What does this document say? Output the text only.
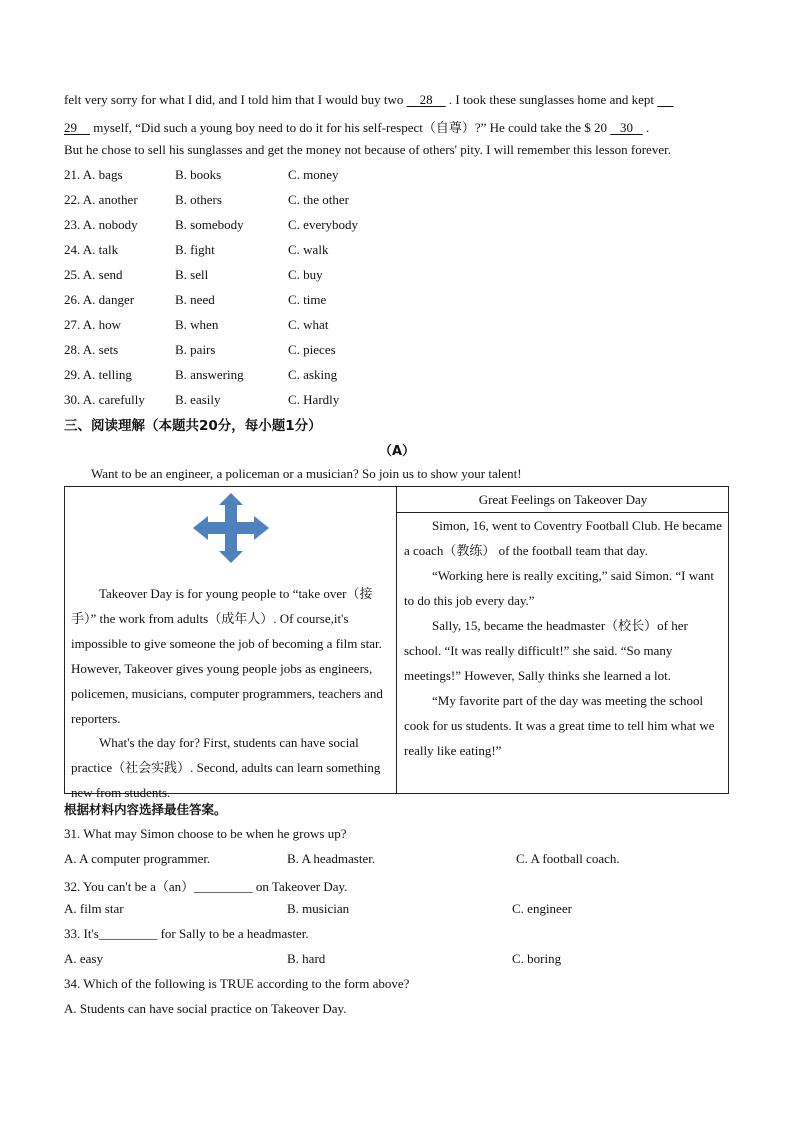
felt very sorry for what I did, and I told him that I would buy two     28     . I took these sunglasses home and kept
29     myself, “Did such a young boy need to do it for his self-respect（自尊）?” He could take the $ 20    30    .
But he chose to sell his sunglasses and get the money not because of others' pity. I will remember this lesson forever.
21. A. bags	B. books	C. money
22. A. another	B. others	C. the other
23. A. nobody	B. somebody	C. everybody
24. A. talk	B. fight	C. walk
25. A. send	B. sell	C. buy
26. A. danger	B. need	C. time
27. A. how	B. when	C. what
28. A. sets	B. pairs	C. pieces
29. A. telling	B. answering	C. asking
30. A. carefully B. easily	C. Hardly
三、阅读理解（本题共20分，每小题1分）
（A）
Want to be an engineer, a policeman or a musician? So join us to show your talent!

Takeover Day is for young people to “take over（接手）” the work from adults（成年人）. Of course,it's impossible to give someone the job of becoming a film star. However, Takeover gives young people jobs as engineers, policemen, musicians, computer programmers, teachers and reporters.

What's the day for? First, students can have social practice（社会实践）. Second, adults can learn something new from students.

Great Feelings on Takeover Day

Simon, 16, went to Coventry Football Club. He became a coach（教练） of the football team that day.

“Working here is really exciting,” said Simon. “I want to do this job every day.”

Sally, 15, became the headmaster（校长）of her school. “It was really difficult!” she said. “So many meetings!” However, Sally thinks she learned a lot.

“My favorite part of the day was meeting the school cook for us students. It was a great time to tell him what we really like eating!”

根据材料内容选择最佳答案。
31. What may Simon choose to be when he grows up?
A. A computer programmer.	B. A headmaster.	C. A football coach.
32. You can't be a（an）_________ on Takeover Day.
A. film star	B. musician	C. engineer
33. It's_________ for Sally to be a headmaster.
A. easy	B. hard	C. boring
34. Which of the following is TRUE according to the form above?
A. Students can have social practice on Takeover Day.
